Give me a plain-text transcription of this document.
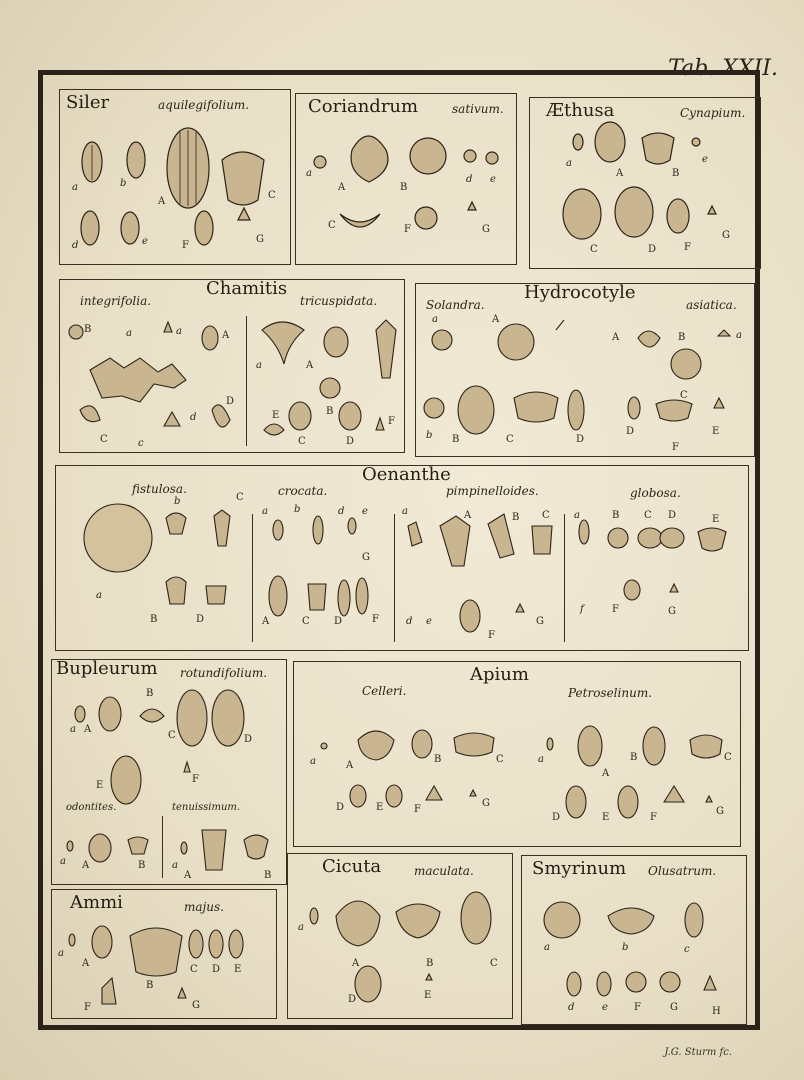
Tab. XXII.
Siler	aquilegifolium.
a	b
A
C
d	e	F
G
Coriandrum	sativum.
a
A	B
d e
C	F	G
Æthusa	Cynapium.
a
A	B
e
C	D	F
G
Chamitis
integrifolia.	tricuspidata.
B	a	a	A
D
C	c
d
a	A
B
E
C	D
F
Hydrocotyle
Solandra.	asiatica.
a	A
A	B	a
b B	C	D
C
D	E
F
Oenanthe
fistulosa.	crocata.	pimpinelloides.	globosa.
b	C
a
B	D
a	b	d e
G
A	C D	F
a	A	B C
d e
F
G
a	B C D	E
f	F	G
Bupleurum rotundifolium.
odontites.	tenuissimum.
a A
B
C	D
E
F
a A	B	a
A	B
Apium
Celleri.	Petroselinum.
a	A
B	C
D	E	F
G
a
A
B	C
D	E	F
G
Ammi	majus.
a
A
B
C D E
F	G
Cicuta	maculata.
a
A	B	C
D	E
Smyrinum Olusatrum.
a	b	c
d	e	F	G	H
J.G. Sturm fc.
